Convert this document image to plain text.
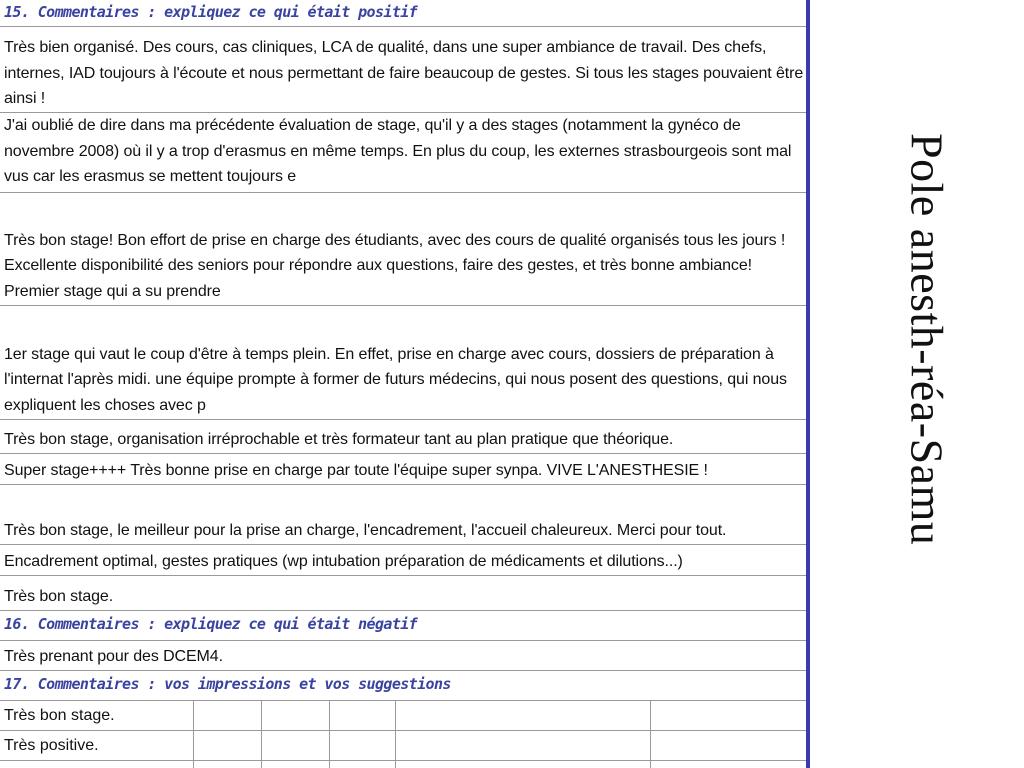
15. Commentaires : expliquez ce qui était positif
Très bien organisé. Des cours, cas cliniques, LCA de qualité, dans une super ambiance de travail. Des chefs, internes, IAD toujours à l'écoute et nous permettant de faire beaucoup de gestes. Si tous les stages pouvaient être ainsi !
J'ai oublié de dire dans ma précédente évaluation de stage, qu'il y a des stages (notamment la gynéco de novembre 2008) où il y a trop d'erasmus en même temps. En plus du coup, les externes strasbourgeois sont mal vus car les erasmus se mettent toujours e
Très bon stage! Bon effort de prise en charge des étudiants, avec des cours de qualité organisés tous les jours ! Excellente disponibilité des seniors pour répondre aux questions, faire des gestes, et très bonne ambiance! Premier stage qui a su prendre
1er stage qui vaut le coup d'être à temps plein. En effet, prise en charge avec cours, dossiers de préparation à l'internat l'après midi. une équipe prompte à former de futurs médecins, qui nous posent des questions, qui nous expliquent les choses avec p
Très bon stage, organisation irréprochable et très formateur tant au plan pratique que théorique.
Super stage++++ Très bonne prise en charge par toute l'équipe super synpa. VIVE L'ANESTHESIE !
Très bon stage, le meilleur pour la prise an charge, l'encadrement, l'accueil chaleureux. Merci pour tout.
Encadrement optimal, gestes pratiques (wp intubation préparation de médicaments et dilutions...)
Très bon stage.
16. Commentaires : expliquez ce qui était négatif
Très prenant pour des DCEM4.
17. Commentaires : vos impressions et vos suggestions
Très bon stage.
Très positive.
Pole anesth-réa-Samu
